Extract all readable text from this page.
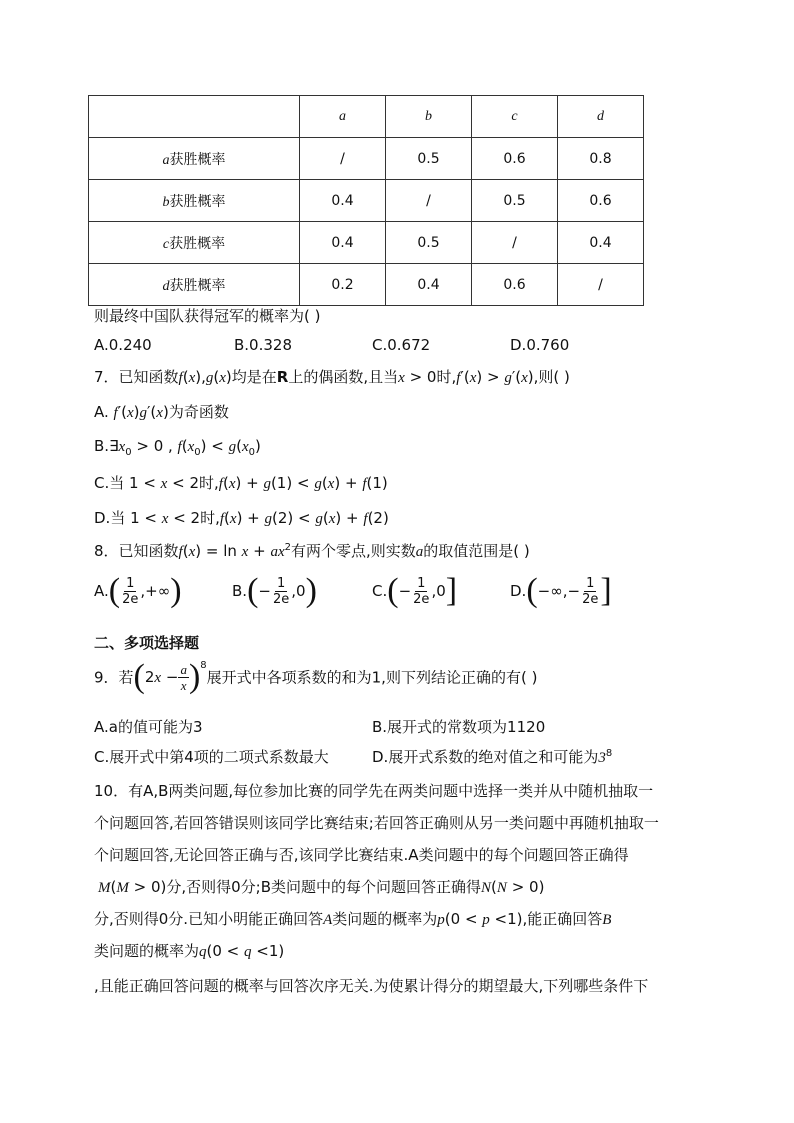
	a	b	c	d
a获胜概率	/	0.5	0.6	0.8
b获胜概率	0.4	/	0.5	0.6
c获胜概率	0.4	0.5	/	0.4
d获胜概率	0.2	0.4	0.6	/
则最终中国队获得冠军的概率为( )
A.0.240	B.0.328	C.0.672	D.0.760
7．已知函数f(x),g(x)均是在R上的偶函数,且当x > 0时,f′(x) > g′(x),则( )
A. f′(x)g′(x)为奇函数
$B.\exists x_0 > 0$ , $f(x_0) < g(x_0)$
C.当 1 < x < 2时,f(x) + g(1) < g(x) + f(1)
D.当 1 < x < 2时,f(x) + g(2) < g(x) + f(2)
8．已知函数$f(x) = \ln x + ax^2$有两个零点,则实数a的取值范围是( )
$A.( \frac{1}{2e}$ ,+∞)	$B.(- \frac{1}{2e} ,0)$	$C.(- \frac{1}{2e} ,0]$	$D.(-\infty,- \frac{1}{2e}$ ]
二、多项选择题
9．若$(2x - \frac{a}{x} )^8$展开式中各项系数的和为1,则下列结论正确的有( )
A.a的值可能为3	B.展开式的常数项为1120
C.展开式中第4项的二项式系数最大	D.展开式系数的绝对值之和可能为$3^8$
10．有A,B两类问题,每位参加比赛的同学先在两类问题中选择一类并从中随机抽取一
个问题回答,若回答错误则该同学比赛结束;若回答正确则从另一类问题中再随机抽取一
个问题回答,无论回答正确与否,该同学比赛结束.A类问题中的每个问题回答正确得
M(M > 0)分,否则得0分;B类问题中的每个问题回答正确得N(N > 0)
分,否则得0分.已知小明能正确回答A类问题的概率为p(0 < p <1),能正确回答B
类问题的概率为q(0 < q <1)
,且能正确回答问题的概率与回答次序无关.为使累计得分的期望最大,下列哪些条件下
